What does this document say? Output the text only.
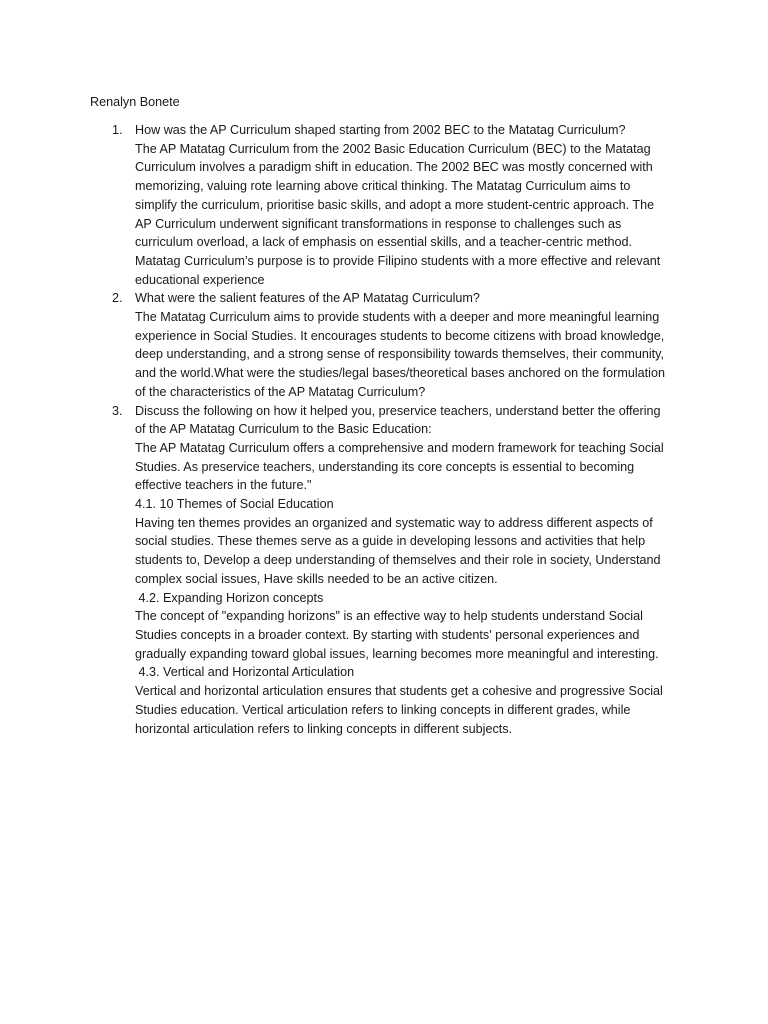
Renalyn Bonete
1. How was the AP Curriculum shaped starting from 2002 BEC to the Matatag Curriculum?
The AP Matatag Curriculum from the 2002 Basic Education Curriculum (BEC) to the Matatag
Curriculum involves a paradigm shift in education. The 2002 BEC was mostly concerned with
memorizing, valuing rote learning above critical thinking. The Matatag Curriculum aims to
simplify the curriculum, prioritise basic skills, and adopt a more student-centric approach. The
AP Curriculum underwent significant transformations in response to challenges such as
curriculum overload, a lack of emphasis on essential skills, and a teacher-centric method.
Matatag Curriculum’s purpose is to provide Filipino students with a more effective and relevant
educational experience
2. What were the salient features of the AP Matatag Curriculum?
The Matatag Curriculum aims to provide students with a deeper and more meaningful learning
experience in Social Studies. It encourages students to become citizens with broad knowledge,
deep understanding, and a strong sense of responsibility towards themselves, their community,
and the world.What were the studies/legal bases/theoretical bases anchored on the formulation
of the characteristics of the AP Matatag Curriculum?
3. Discuss the following on how it helped you, preservice teachers, understand better the offering
of the AP Matatag Curriculum to the Basic Education:
The AP Matatag Curriculum offers a comprehensive and modern framework for teaching Social
Studies. As preservice teachers, understanding its core concepts is essential to becoming
effective teachers in the future."
4.1. 10 Themes of Social Education
Having ten themes provides an organized and systematic way to address different aspects of
social studies. These themes serve as a guide in developing lessons and activities that help
students to, Develop a deep understanding of themselves and their role in society, Understand
complex social issues, Have skills needed to be an active citizen.
4.2. Expanding Horizon concepts
The concept of "expanding horizons" is an effective way to help students understand Social
Studies concepts in a broader context. By starting with students' personal experiences and
gradually expanding toward global issues, learning becomes more meaningful and interesting.
4.3. Vertical and Horizontal Articulation
Vertical and horizontal articulation ensures that students get a cohesive and progressive Social
Studies education. Vertical articulation refers to linking concepts in different grades, while
horizontal articulation refers to linking concepts in different subjects.
